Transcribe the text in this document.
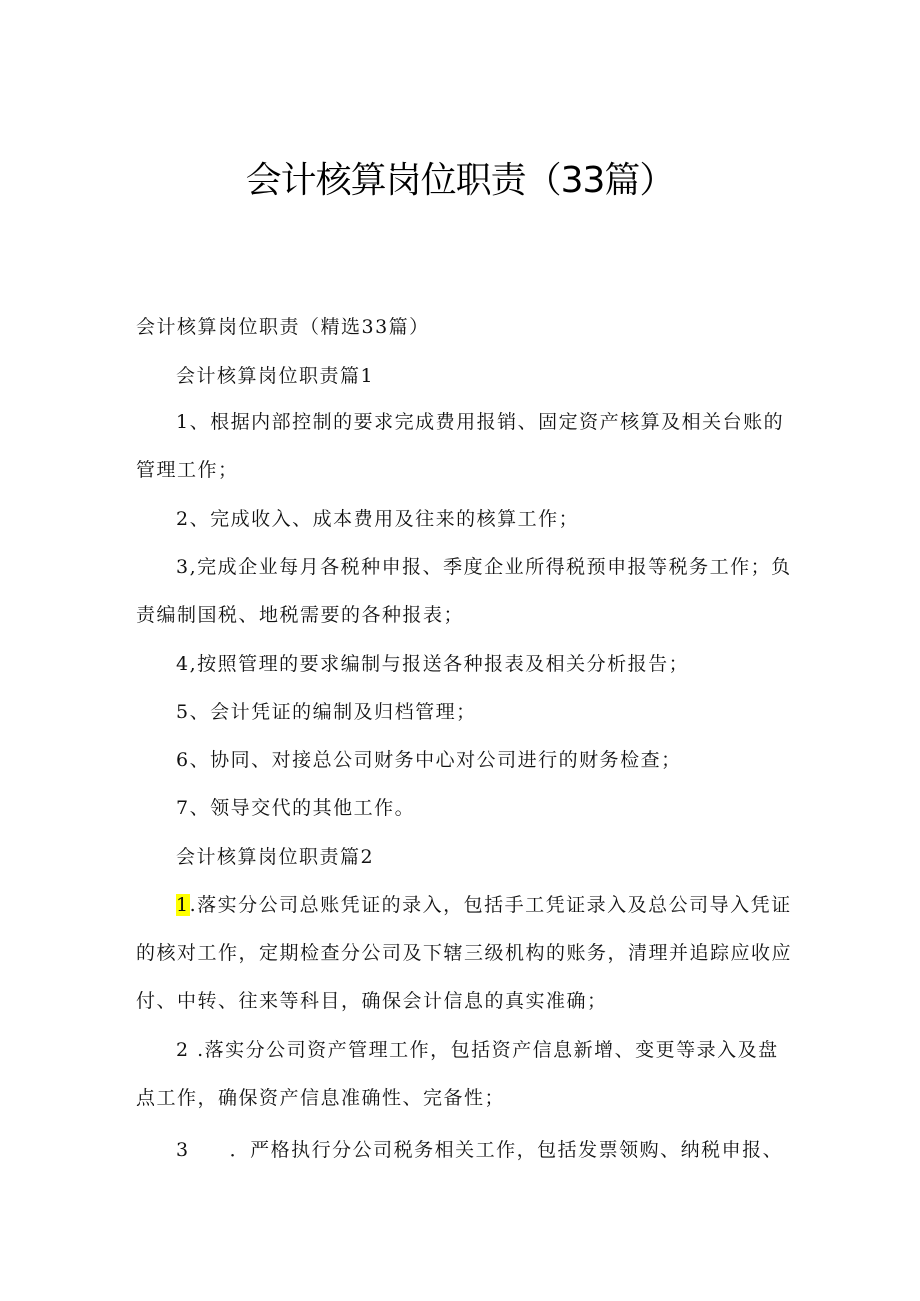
会计核算岗位职责（33篇）
会计核算岗位职责（精选33篇）
会计核算岗位职责篇1
1、根据内部控制的要求完成费用报销、固定资产核算及相关台账的
管理工作；
2、完成收入、成本费用及往来的核算工作；
3,完成企业每月各税种申报、季度企业所得税预申报等税务工作；负
责编制国税、地税需要的各种报表；
4,按照管理的要求编制与报送各种报表及相关分析报告；
5、会计凭证的编制及归档管理；
6、协同、对接总公司财务中心对公司进行的财务检查；
7、领导交代的其他工作。
会计核算岗位职责篇2
1.落实分公司总账凭证的录入，包括手工凭证录入及总公司导入凭证
的核对工作，定期检查分公司及下辖三级机构的账务，清理并追踪应收应
付、中转、往来等科目，确保会计信息的真实准确；
2 .落实分公司资产管理工作，包括资产信息新增、变更等录入及盘
点工作，确保资产信息准确性、完备性；
3 ．严格执行分公司税务相关工作，包括发票领购、纳税申报、
